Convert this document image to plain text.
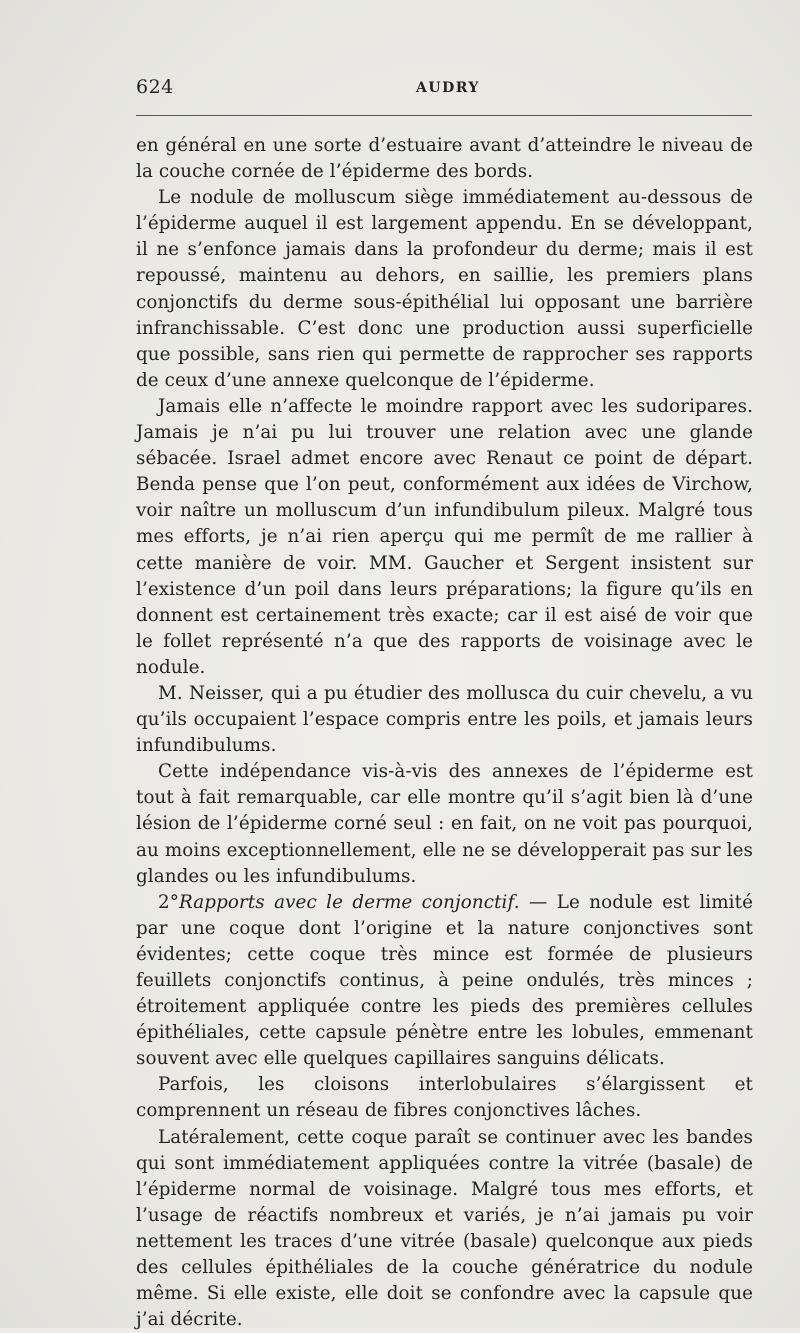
624	AUDRY

en général en une sorte d’estuaire avant d’atteindre le niveau de la couche cornée de l’épiderme des bords.

Le nodule de molluscum siège immédiatement au-dessous de l’épiderme auquel il est largement appendu. En se développant, il ne s’enfonce jamais dans la profondeur du derme; mais il est repoussé, maintenu au dehors, en saillie, les premiers plans conjonctifs du derme sous-épithélial lui opposant une barrière infranchissable. C’est donc une production aussi superficielle que possible, sans rien qui permette de rapprocher ses rapports de ceux d’une annexe quelconque de l’épiderme.

Jamais elle n’affecte le moindre rapport avec les sudoripares. Jamais je n’ai pu lui trouver une relation avec une glande sébacée. Israel admet encore avec Renaut ce point de départ. Benda pense que l’on peut, conformément aux idées de Virchow, voir naître un molluscum d’un infundibulum pileux. Malgré tous mes efforts, je n’ai rien aperçu qui me permît de me rallier à cette manière de voir. MM. Gaucher et Sergent insistent sur l’existence d’un poil dans leurs préparations; la figure qu’ils en donnent est certainement très exacte; car il est aisé de voir que le follet représenté n’a que des rapports de voisinage avec le nodule.

M. Neisser, qui a pu étudier des mollusca du cuir chevelu, a vu qu’ils occupaient l’espace compris entre les poils, et jamais leurs infundibulums.

Cette indépendance vis-à-vis des annexes de l’épiderme est tout à fait remarquable, car elle montre qu’il s’agit bien là d’une lésion de l’épiderme corné seul : en fait, on ne voit pas pourquoi, au moins exceptionnellement, elle ne se développerait pas sur les glandes ou les infundibulums.

2°Rapports avec le derme conjonctif. — Le nodule est limité par une coque dont l’origine et la nature conjonctives sont évidentes; cette coque très mince est formée de plusieurs feuillets conjonctifs continus, à peine ondulés, très minces ; étroitement appliquée contre les pieds des premières cellules épithéliales, cette capsule pénètre entre les lobules, emmenant souvent avec elle quelques capillaires sanguins délicats.

Parfois, les cloisons interlobulaires s’élargissent et comprennent un réseau de fibres conjonctives lâches.

Latéralement, cette coque paraît se continuer avec les bandes qui sont immédiatement appliquées contre la vitrée (basale) de l’épiderme normal de voisinage. Malgré tous mes efforts, et l’usage de réactifs nombreux et variés, je n’ai jamais pu voir nettement les traces d’une vitrée (basale) quelconque aux pieds des cellules épithéliales de la couche génératrice du nodule même. Si elle existe, elle doit se confondre avec la capsule que j’ai décrite.
